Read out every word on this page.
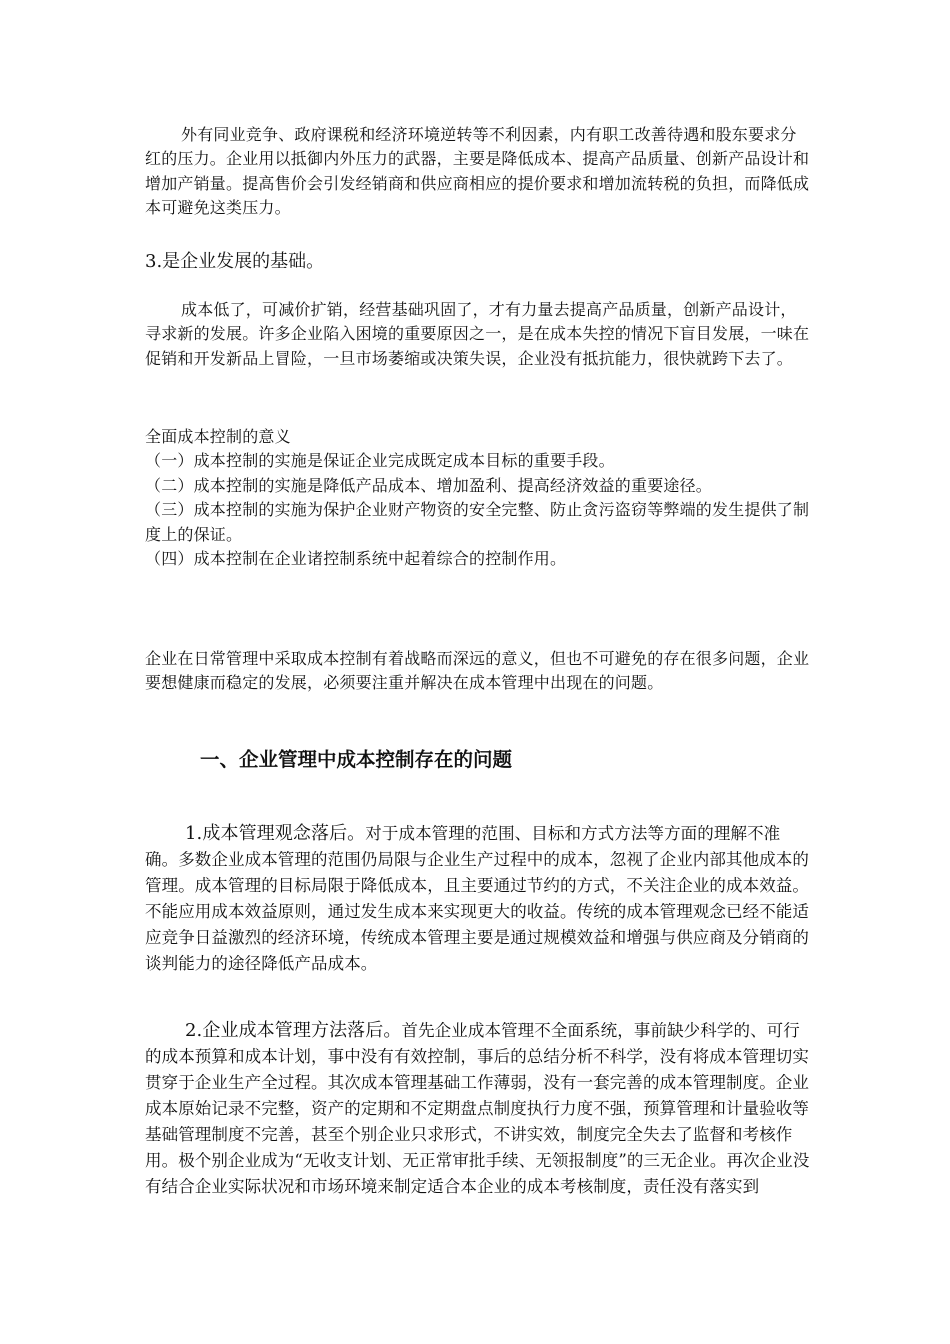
外有同业竞争、政府课税和经济环境逆转等不利因素，内有职工改善待遇和股东要求分红的压力。企业用以抵御内外压力的武器，主要是降低成本、提高产品质量、创新产品设计和增加产销量。提高售价会引发经销商和供应商相应的提价要求和增加流转税的负担，而降低成本可避免这类压力。

3.是企业发展的基础。

成本低了，可减价扩销，经营基础巩固了，才有力量去提高产品质量，创新产品设计，寻求新的发展。许多企业陷入困境的重要原因之一，是在成本失控的情况下盲目发展，一味在促销和开发新品上冒险，一旦市场萎缩或决策失误，企业没有抵抗能力，很快就跨下去了。

全面成本控制的意义
（一）成本控制的实施是保证企业完成既定成本目标的重要手段。
（二）成本控制的实施是降低产品成本、增加盈利、提高经济效益的重要途径。
（三）成本控制的实施为保护企业财产物资的安全完整、防止贪污盗窃等弊端的发生提供了制度上的保证。
（四）成本控制在企业诸控制系统中起着综合的控制作用。

企业在日常管理中采取成本控制有着战略而深远的意义，但也不可避免的存在很多问题，企业要想健康而稳定的发展，必须要注重并解决在成本管理中出现在的问题。

一、企业管理中成本控制存在的问题

1.成本管理观念落后。对于成本管理的范围、目标和方式方法等方面的理解不准确。多数企业成本管理的范围仍局限与企业生产过程中的成本，忽视了企业内部其他成本的管理。成本管理的目标局限于降低成本，且主要通过节约的方式，不关注企业的成本效益。不能应用成本效益原则，通过发生成本来实现更大的收益。传统的成本管理观念已经不能适应竞争日益激烈的经济环境，传统成本管理主要是通过规模效益和增强与供应商及分销商的谈判能力的途径降低产品成本。

2.企业成本管理方法落后。首先企业成本管理不全面系统，事前缺少科学的、可行的成本预算和成本计划，事中没有有效控制，事后的总结分析不科学，没有将成本管理切实贯穿于企业生产全过程。其次成本管理基础工作薄弱，没有一套完善的成本管理制度。企业成本原始记录不完整，资产的定期和不定期盘点制度执行力度不强，预算管理和计量验收等基础管理制度不完善，甚至个别企业只求形式，不讲实效，制度完全失去了监督和考核作用。极个别企业成为“无收支计划、无正常审批手续、无领报制度”的三无企业。再次企业没有结合企业实际状况和市场环境来制定适合本企业的成本考核制度，责任没有落实到
